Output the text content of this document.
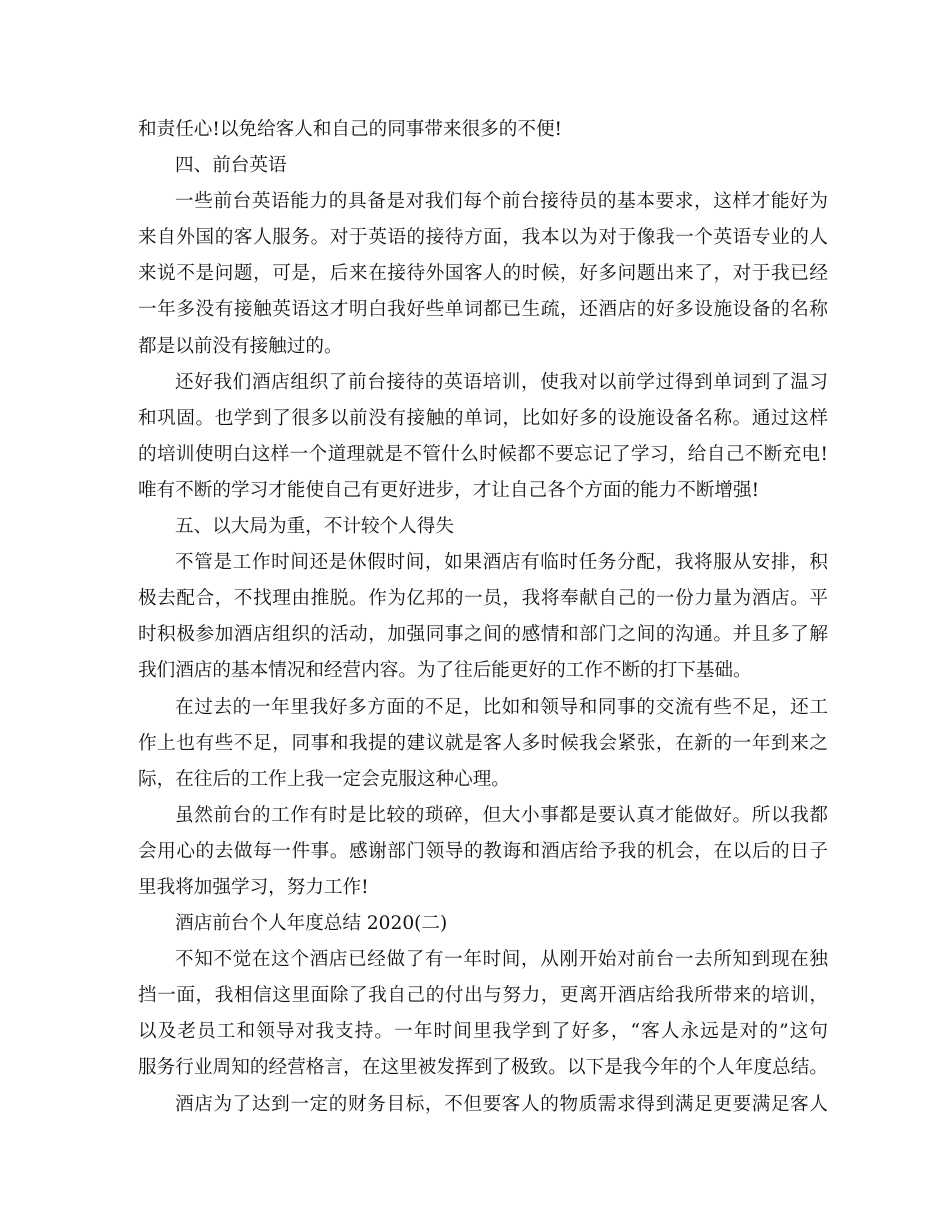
和责任心!以免给客人和自己的同事带来很多的不便!
四、前台英语
一些前台英语能力的具备是对我们每个前台接待员的基本要求，这样才能好为
来自外国的客人服务。对于英语的接待方面，我本以为对于像我一个英语专业的人
来说不是问题，可是，后来在接待外国客人的时候，好多问题出来了，对于我已经
一年多没有接触英语这才明白我好些单词都已生疏，还酒店的好多设施设备的名称
都是以前没有接触过的。
还好我们酒店组织了前台接待的英语培训，使我对以前学过得到单词到了温习
和巩固。也学到了很多以前没有接触的单词，比如好多的设施设备名称。通过这样
的培训使明白这样一个道理就是不管什么时候都不要忘记了学习，给自己不断充电!
唯有不断的学习才能使自己有更好进步，才让自己各个方面的能力不断增强!
五、以大局为重，不计较个人得失
不管是工作时间还是休假时间，如果酒店有临时任务分配，我将服从安排，积
极去配合，不找理由推脱。作为亿邦的一员，我将奉献自己的一份力量为酒店。平
时积极参加酒店组织的活动，加强同事之间的感情和部门之间的沟通。并且多了解
我们酒店的基本情况和经营内容。为了往后能更好的工作不断的打下基础。
在过去的一年里我好多方面的不足，比如和领导和同事的交流有些不足，还工
作上也有些不足，同事和我提的建议就是客人多时候我会紧张，在新的一年到来之
际，在往后的工作上我一定会克服这种心理。
虽然前台的工作有时是比较的琐碎，但大小事都是要认真才能做好。所以我都
会用心的去做每一件事。感谢部门领导的教诲和酒店给予我的机会，在以后的日子
里我将加强学习，努力工作!
酒店前台个人年度总结 2020(二)
不知不觉在这个酒店已经做了有一年时间，从刚开始对前台一去所知到现在独
挡一面，我相信这里面除了我自己的付出与努力，更离开酒店给我所带来的培训，
以及老员工和领导对我支持。一年时间里我学到了好多，“客人永远是对的”这句
服务行业周知的经营格言，在这里被发挥到了极致。以下是我今年的个人年度总结。
酒店为了达到一定的财务目标，不但要客人的物质需求得到满足更要满足客人
